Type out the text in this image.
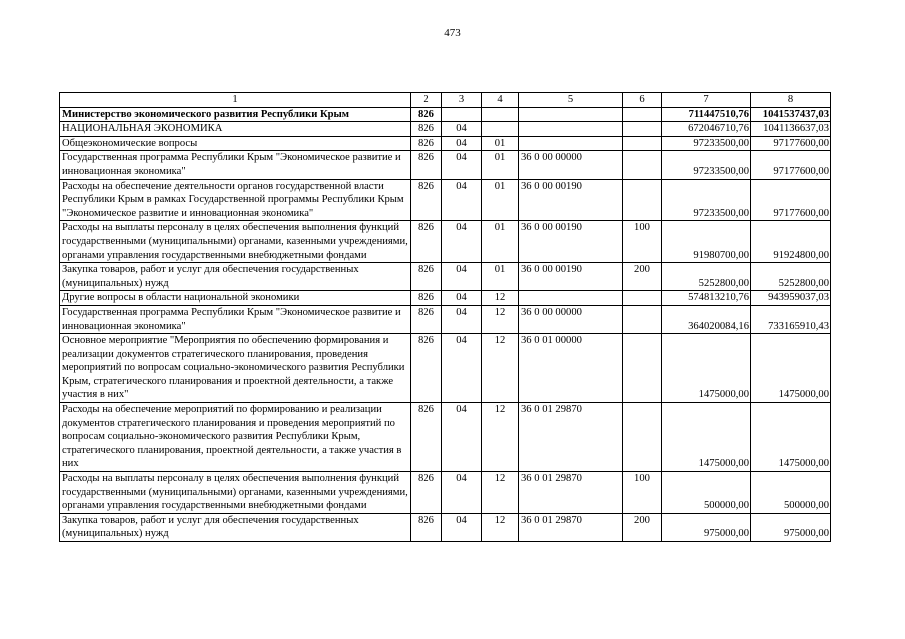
473
1	2	3	4	5	6	7	8
Министерство экономического развития Республики Крым	826					711447510,76	1041537437,03
НАЦИОНАЛЬНАЯ ЭКОНОМИКА	826	04				672046710,76	1041136637,03
Общеэкономические вопросы	826	04	01			97233500,00	97177600,00
Государственная программа Республики Крым "Экономическое развитие и инновационная экономика"	826	04	01	36 0 00 00000		97233500,00	97177600,00
Расходы на обеспечение деятельности органов государственной власти Республики Крым в рамках Государственной программы Республики Крым "Экономическое развитие и инновационная экономика"	826	04	01	36 0 00 00190		97233500,00	97177600,00
Расходы на выплаты персоналу в целях обеспечения выполнения функций государственными (муниципальными) органами, казенными учреждениями, органами управления государственными внебюджетными фондами	826	04	01	36 0 00 00190	100	91980700,00	91924800,00
Закупка товаров, работ и услуг для обеспечения государственных (муниципальных) нужд	826	04	01	36 0 00 00190	200	5252800,00	5252800,00
Другие вопросы в области национальной экономики	826	04	12			574813210,76	943959037,03
Государственная программа Республики Крым "Экономическое развитие и инновационная экономика"	826	04	12	36 0 00 00000		364020084,16	733165910,43
Основное мероприятие "Мероприятия по обеспечению формирования и реализации документов стратегического планирования, проведения мероприятий по вопросам социально-экономического развития Республики Крым, стратегического планирования и проектной деятельности, а также участия в них"	826	04	12	36 0 01 00000		1475000,00	1475000,00
Расходы на обеспечение мероприятий по формированию и реализации документов стратегического планирования и проведения мероприятий по вопросам социально-экономического развития Республики Крым, стратегического планирования, проектной деятельности, а также участия в них	826	04	12	36 0 01 29870		1475000,00	1475000,00
Расходы на выплаты персоналу в целях обеспечения выполнения функций государственными (муниципальными) органами, казенными учреждениями, органами управления государственными внебюджетными фондами	826	04	12	36 0 01 29870	100	500000,00	500000,00
Закупка товаров, работ и услуг для обеспечения государственных (муниципальных) нужд	826	04	12	36 0 01 29870	200	975000,00	975000,00
